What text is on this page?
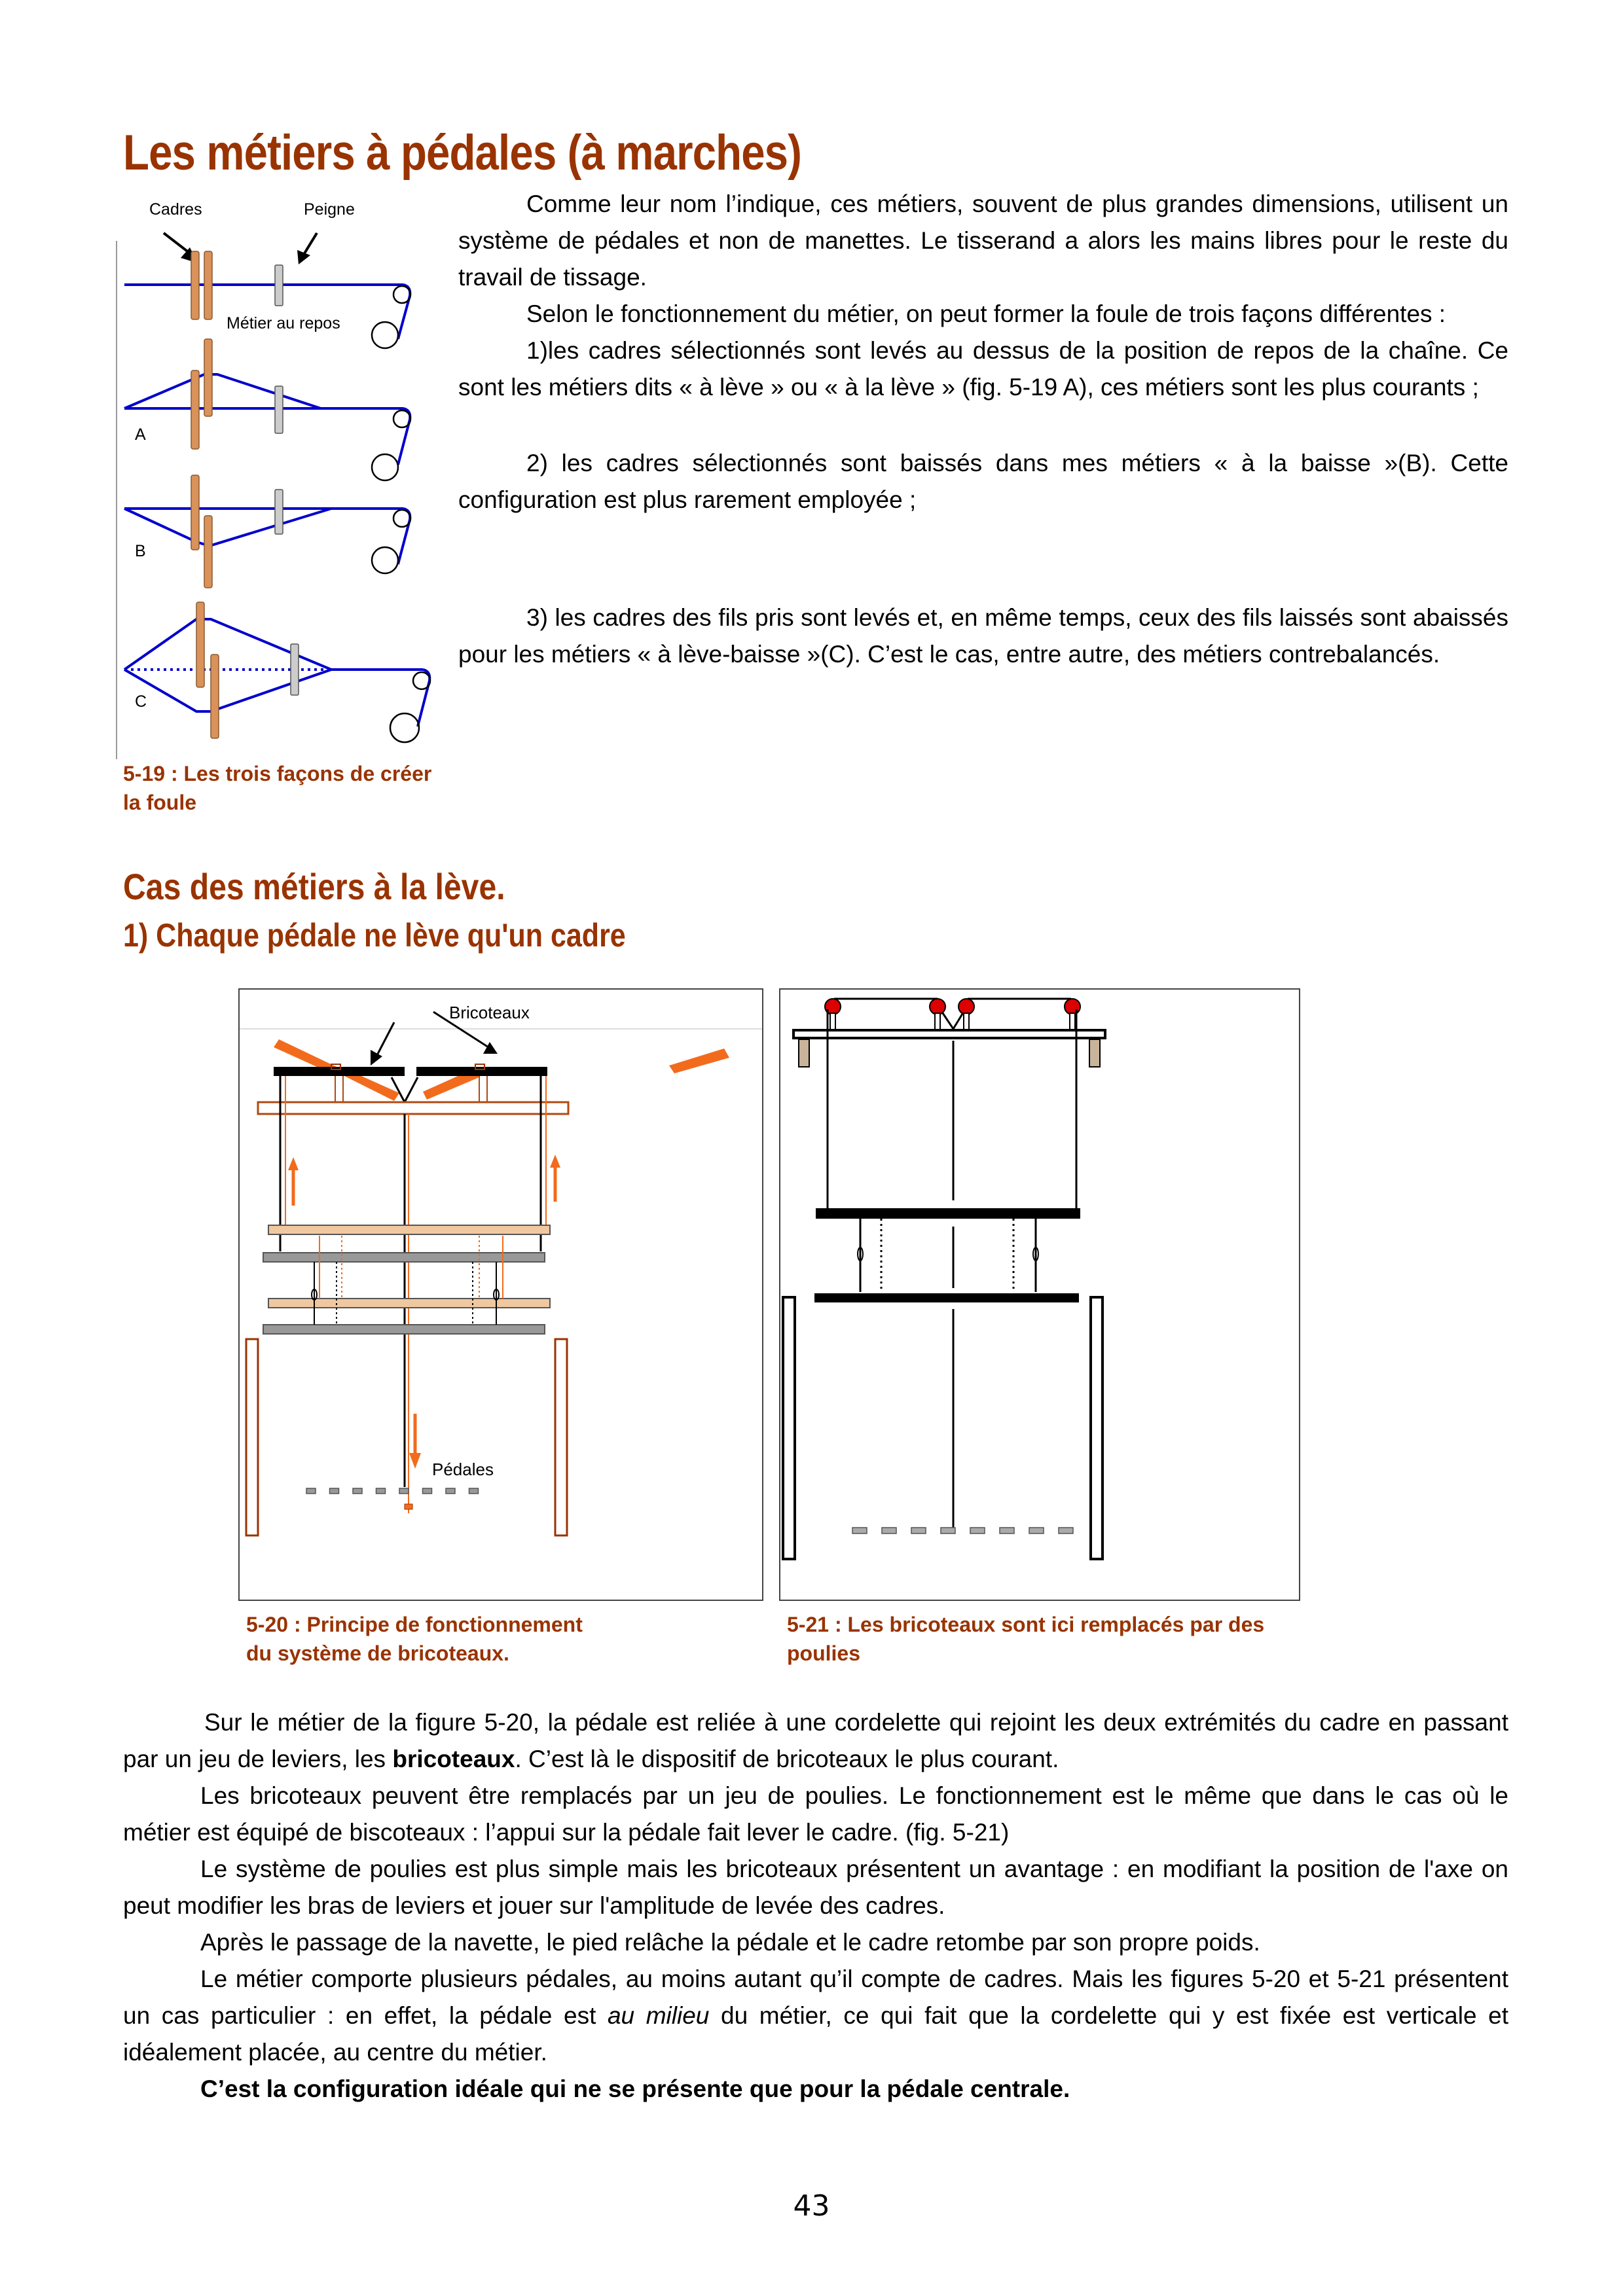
Les métiers à pédales (à marches)
Cadres	Peigne
Métier au repos
A
B
C
5-19 : Les trois façons de créer
la foule

Comme leur nom l’indique, ces métiers, souvent de plus grandes dimensions, utilisent un système de pédales et non de manettes. Le tisserand a alors les mains libres pour le reste du travail de tissage.

Selon le fonctionnement du métier, on peut former la foule de trois façons différentes :

1)les cadres sélectionnés sont levés au dessus de la position de repos de la chaîne. Ce sont les métiers dits « à lève » ou « à la lève » (fig. 5-19 A), ces métiers sont les plus courants ;

2) les cadres sélectionnés sont baissés dans mes métiers « à la baisse »(B). Cette configuration est plus rarement employée ;

3) les cadres des fils pris sont levés et, en même temps, ceux des fils laissés sont abaissés pour les métiers « à lève-baisse »(C). C’est le cas, entre autre, des métiers contrebalancés.

Cas des métiers à la lève.
1) Chaque pédale ne lève qu'un cadre
Bricoteaux
Pédales
5-20 : Principe de fonctionnement
du système de bricoteaux.
5-21 : Les bricoteaux sont ici remplacés par des
poulies

Sur le métier de la figure 5-20, la pédale est reliée à une cordelette qui rejoint les deux extrémités du cadre en passant par un jeu de leviers, les bricoteaux. C’est là le dispositif de bricoteaux le plus courant.

Les bricoteaux peuvent être remplacés par un jeu de poulies. Le fonctionnement est le même que dans le cas où le métier est équipé de biscoteaux : l’appui sur la pédale fait lever le cadre. (fig. 5-21)

Le système de poulies est plus simple mais les bricoteaux présentent un avantage : en modifiant la position de l'axe on peut modifier les bras de leviers et jouer sur l'amplitude de levée des cadres.

Après le passage de la navette, le pied relâche la pédale et le cadre retombe par son propre poids.

Le métier comporte plusieurs pédales, au moins autant qu’il compte de cadres. Mais les figures 5-20 et 5-21 présentent un cas particulier : en effet, la pédale est au milieu du métier, ce qui fait que la cordelette qui y est fixée est verticale et idéalement placée, au centre du métier.

C’est la configuration idéale qui ne se présente que pour la pédale centrale.

43
